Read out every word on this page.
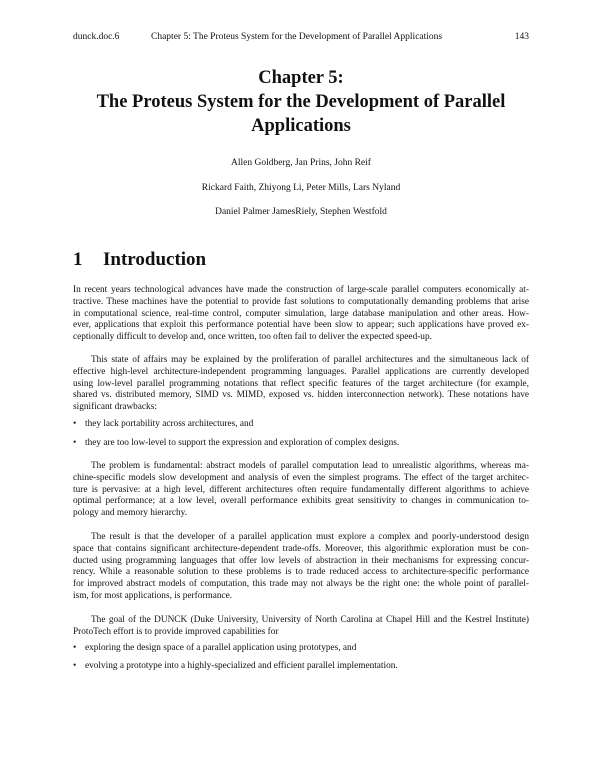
dunck.doc.6	Chapter 5: The Proteus System for the Development of Parallel Applications	143
Chapter 5:
The Proteus System for the Development of Parallel
Applications
Allen Goldberg, Jan Prins, John Reif
Rickard Faith, Zhiyong Li, Peter Mills, Lars Nyland
Daniel Palmer JamesRiely, Stephen Westfold
1 Introduction
In recent years technological advances have made the construction of large-scale parallel computers economically at-
tractive. These machines have the potential to provide fast solutions to computationally demanding problems that arise
in computational science, real-time control, computer simulation, large database manipulation and other areas. How-
ever, applications that exploit this performance potential have been slow to appear; such applications have proved ex-
ceptionally difficult to develop and, once written, too often fail to deliver the expected speed-up.
This state of affairs may be explained by the proliferation of parallel architectures and the simultaneous lack of
effective high-level architecture-independent programming languages. Parallel applications are currently developed
using low-level parallel programming notations that reflect specific features of the target architecture (for example,
shared vs. distributed memory, SIMD vs. MIMD, exposed vs. hidden interconnection network). These notations have
significant drawbacks:
• they lack portability across architectures, and
• they are too low-level to support the expression and exploration of complex designs.
The problem is fundamental: abstract models of parallel computation lead to unrealistic algorithms, whereas ma-
chine-specific models slow development and analysis of even the simplest programs. The effect of the target architec-
ture is pervasive: at a high level, different architectures often require fundamentally different algorithms to achieve
optimal performance; at a low level, overall performance exhibits great sensitivity to changes in communication to-
pology and memory hierarchy.
The result is that the developer of a parallel application must explore a complex and poorly-understood design
space that contains significant architecture-dependent trade-offs. Moreover, this algorithmic exploration must be con-
ducted using programming languages that offer low levels of abstraction in their mechanisms for expressing concur-
rency. While a reasonable solution to these problems is to trade reduced access to architecture-specific performance
for improved abstract models of computation, this trade may not always be the right one: the whole point of parallel-
ism, for most applications, is performance.
The goal of the DUNCK (Duke University, University of North Carolina at Chapel Hill and the Kestrel Institute)
ProtoTech effort is to provide improved capabilities for
• exploring the design space of a parallel application using prototypes, and
• evolving a prototype into a highly-specialized and efficient parallel implementation.
